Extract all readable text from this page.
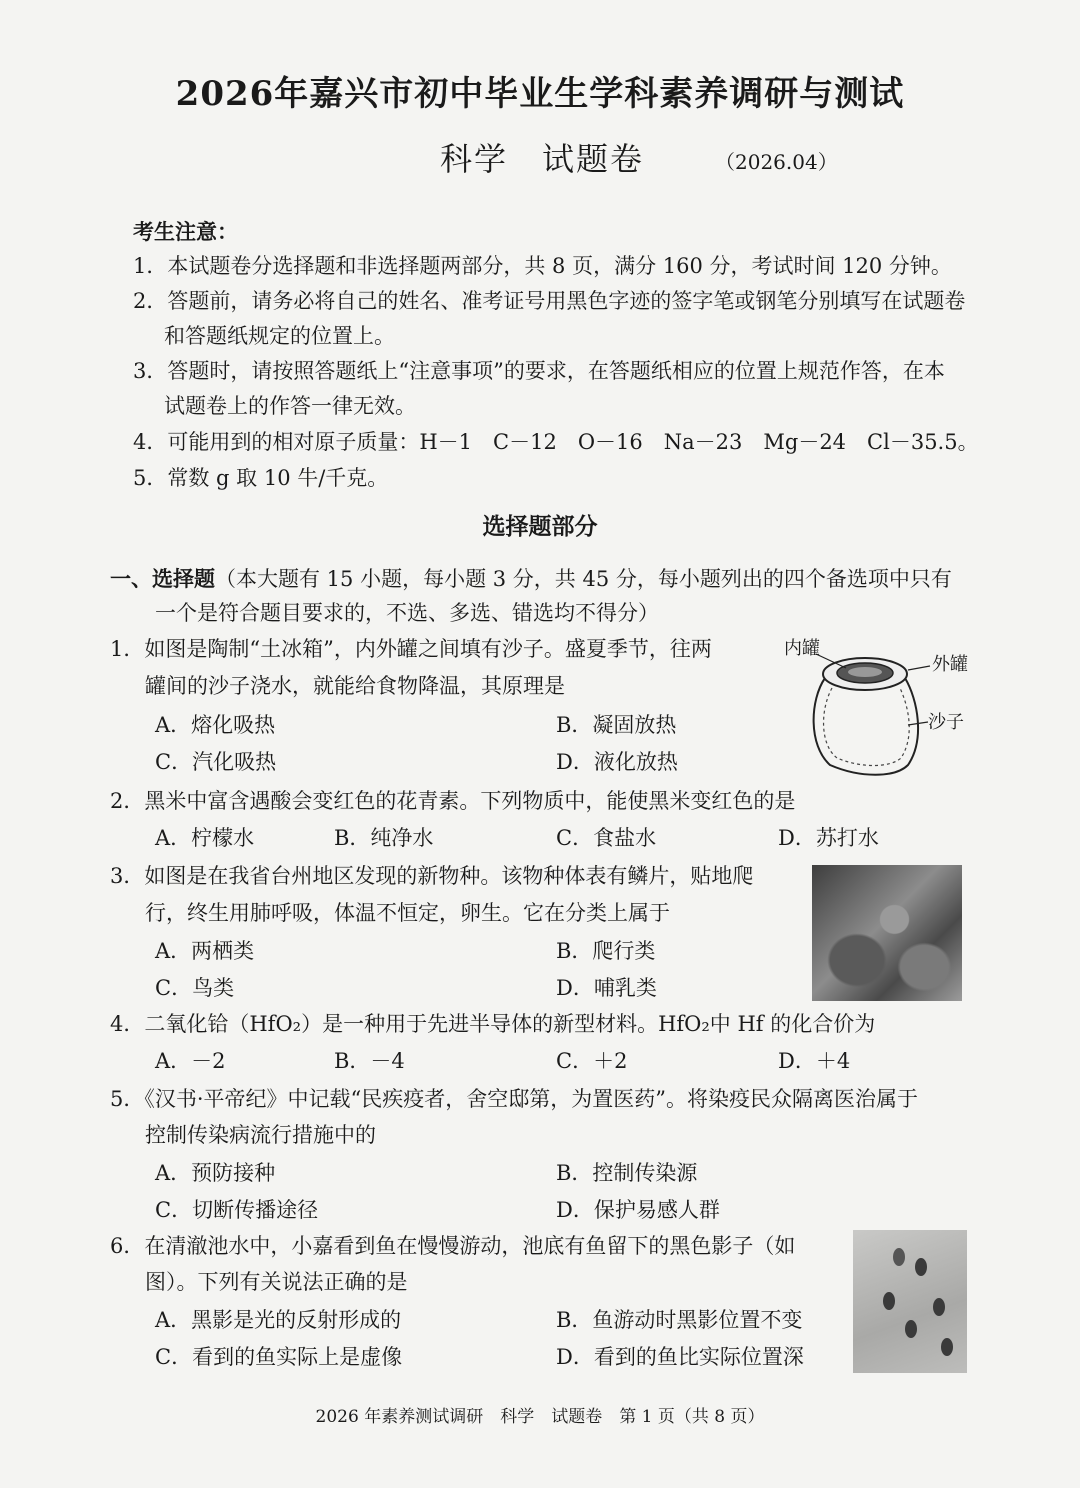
2026年嘉兴市初中毕业生学科素养调研与测试
科学　试题卷	（2026.04）
考生注意：
1．本试题卷分选择题和非选择题两部分，共 8 页，满分 160 分，考试时间 120 分钟。
2．答题前，请务必将自己的姓名、准考证号用黑色字迹的签字笔或钢笔分别填写在试题卷
和答题纸规定的位置上。
3．答题时，请按照答题纸上“注意事项”的要求，在答题纸相应的位置上规范作答，在本
试题卷上的作答一律无效。
4．可能用到的相对原子质量：H－1　C－12　O－16　Na－23　Mg－24　Cl－35.5。
5．常数 g 取 10 牛/千克。
选择题部分
一、选择题（本大题有 15 小题，每小题 3 分，共 45 分，每小题列出的四个备选项中只有
一个是符合题目要求的，不选、多选、错选均不得分）
1．如图是陶制“土冰箱”，内外罐之间填有沙子。盛夏季节，往两
罐间的沙子浇水，就能给食物降温，其原理是
A．熔化吸热	B．凝固放热
C．汽化吸热	D．液化放热
内罐
外罐
沙子
2．黑米中富含遇酸会变红色的花青素。下列物质中，能使黑米变红色的是
A．柠檬水	B．纯净水	C．食盐水	D．苏打水
3．如图是在我省台州地区发现的新物种。该物种体表有鳞片，贴地爬
行，终生用肺呼吸，体温不恒定，卵生。它在分类上属于
A．两栖类	B．爬行类
C．鸟类	D．哺乳类
4．二氧化铪（HfO₂）是一种用于先进半导体的新型材料。HfO₂中 Hf 的化合价为
A．－2	B．－4	C．＋2	D．＋4
5．《汉书·平帝纪》中记载“民疾疫者，舍空邸第，为置医药”。将染疫民众隔离医治属于
控制传染病流行措施中的
A．预防接种	B．控制传染源
C．切断传播途径	D．保护易感人群
6．在清澈池水中，小嘉看到鱼在慢慢游动，池底有鱼留下的黑色影子（如
图）。下列有关说法正确的是
A．黑影是光的反射形成的	B．鱼游动时黑影位置不变
C．看到的鱼实际上是虚像	D．看到的鱼比实际位置深
2026 年素养测试调研　科学　试题卷　第 1 页（共 8 页）
